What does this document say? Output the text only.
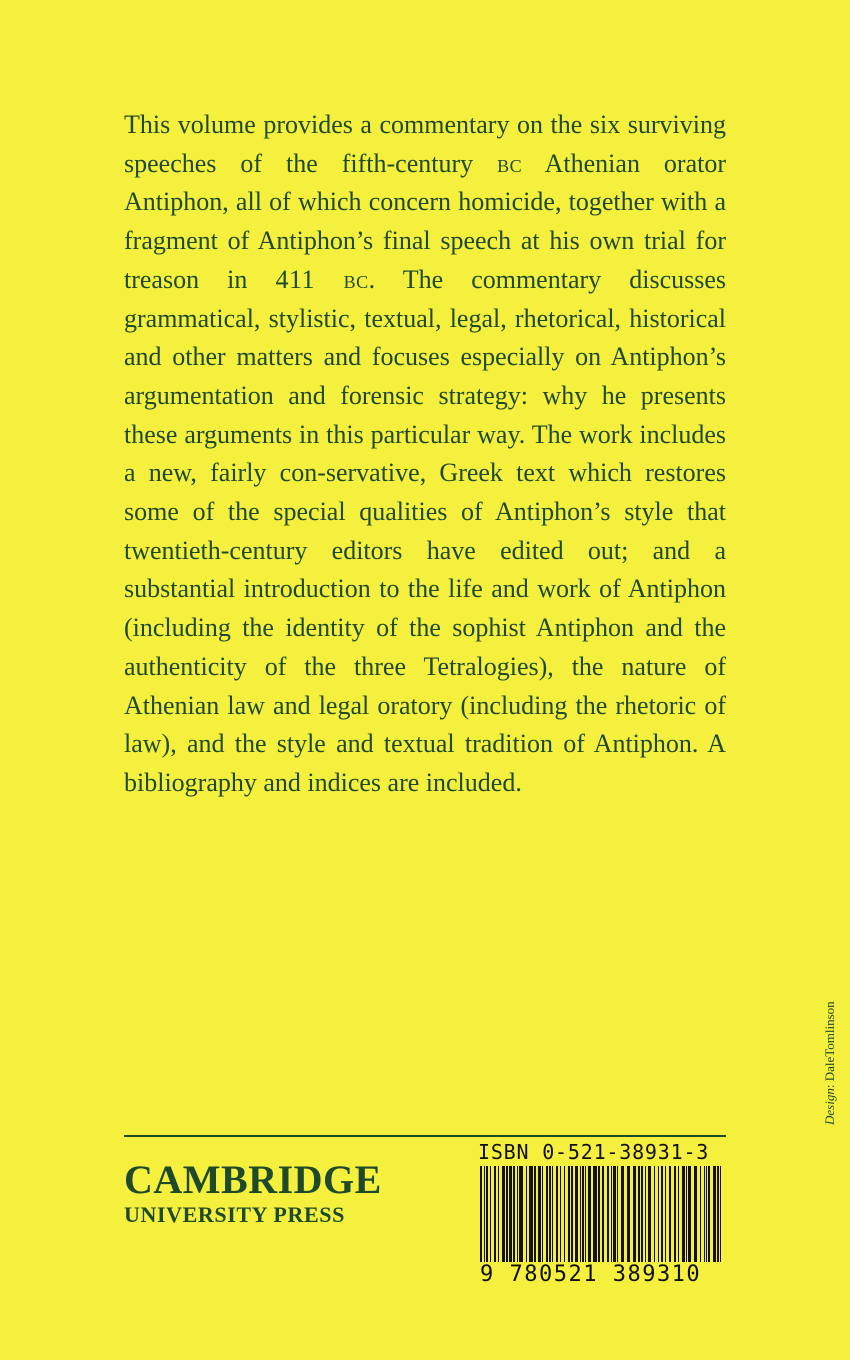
This volume provides a commentary on the six surviving speeches of the fifth-century bc Athenian orator Antiphon, all of which concern homicide, together with a fragment of Antiphon’s final speech at his own trial for treason in 411 bc. The commentary discusses grammatical, stylistic, textual, legal, rhetorical, historical and other matters and focuses especially on Antiphon’s argumentation and forensic strategy: why he presents these arguments in this particular way. The work includes a new, fairly con-servative, Greek text which restores some of the special qualities of Antiphon’s style that twentieth-century editors have edited out; and a substantial introduction to the life and work of Antiphon (including the identity of the sophist Antiphon and the authenticity of the three Tetralogies), the nature of Athenian law and legal oratory (including the rhetoric of law), and the style and textual tradition of Antiphon. A bibliography and indices are included.

Design: DaleTomlinson
CAMBRIDGE
UNIVERSITY PRESS
ISBN 0-521-38931-3
9 780521 389310
